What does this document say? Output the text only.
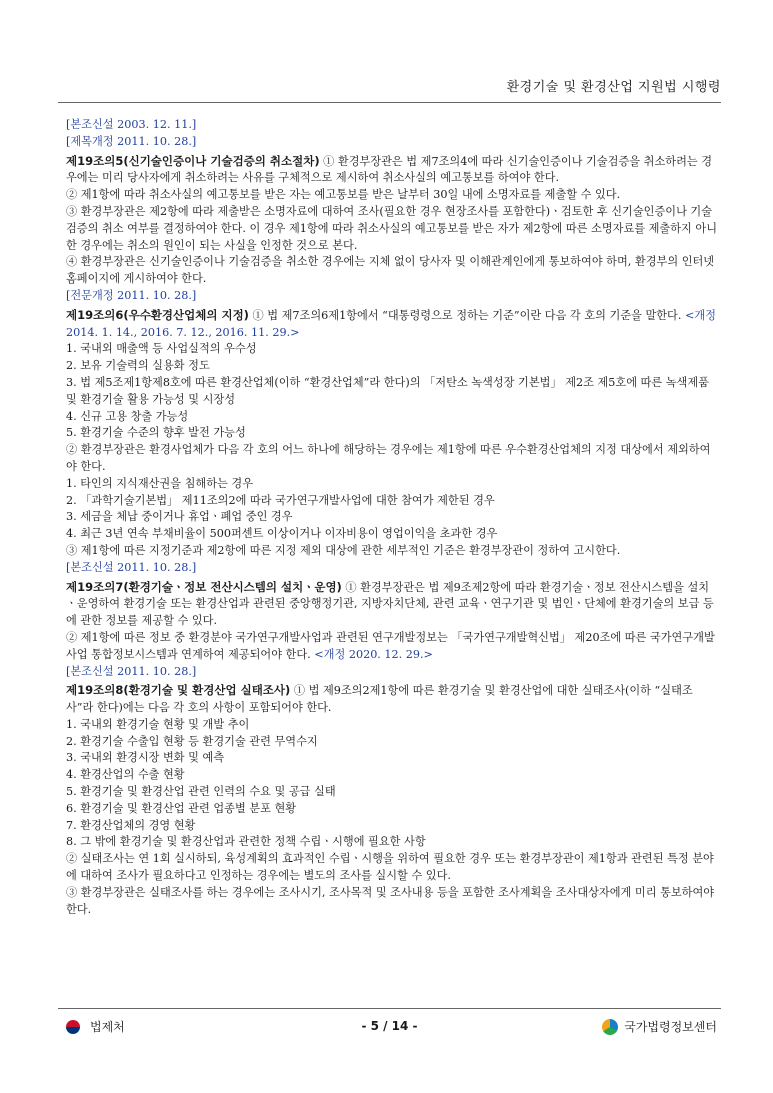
환경기술 및 환경산업 지원법 시행령

[본조신설 2003. 12. 11.]

[제목개정 2011. 10. 28.]

제19조의5(신기술인증이나 기술검증의 취소절차) ① 환경부장관은 법 제7조의4에 따라 신기술인증이나 기술검증을 취소하려는 경우에는 미리 당사자에게 취소하려는 사유를 구체적으로 제시하여 취소사실의 예고통보를 하여야 한다.

② 제1항에 따라 취소사실의 예고통보를 받은 자는 예고통보를 받은 날부터 30일 내에 소명자료를 제출할 수 있다.

③ 환경부장관은 제2항에 따라 제출받은 소명자료에 대하여 조사(필요한 경우 현장조사를 포함한다)ㆍ검토한 후 신기술인증이나 기술검증의 취소 여부를 결정하여야 한다. 이 경우 제1항에 따라 취소사실의 예고통보를 받은 자가 제2항에 따른 소명자료를 제출하지 아니한 경우에는 취소의 원인이 되는 사실을 인정한 것으로 본다.

④ 환경부장관은 신기술인증이나 기술검증을 취소한 경우에는 지체 없이 당사자 및 이해관계인에게 통보하여야 하며, 환경부의 인터넷 홈페이지에 게시하여야 한다.

[전문개정 2011. 10. 28.]

제19조의6(우수환경산업체의 지정) ① 법 제7조의6제1항에서 “대통령령으로 정하는 기준”이란 다음 각 호의 기준을 말한다. <개정 2014. 1. 14., 2016. 7. 12., 2016. 11. 29.>

1. 국내외 매출액 등 사업실적의 우수성

2. 보유 기술력의 실용화 정도

3. 법 제5조제1항제8호에 따른 환경산업체(이하 “환경산업체”라 한다)의 「저탄소 녹색성장 기본법」 제2조 제5호에 따른 녹색제품 및 환경기술 활용 가능성 및 시장성

4. 신규 고용 창출 가능성

5. 환경기술 수준의 향후 발전 가능성

② 환경부장관은 환경사업체가 다음 각 호의 어느 하나에 해당하는 경우에는 제1항에 따른 우수환경산업체의 지정 대상에서 제외하여야 한다.

1. 타인의 지식재산권을 침해하는 경우

2. 「과학기술기본법」 제11조의2에 따라 국가연구개발사업에 대한 참여가 제한된 경우

3. 세금을 체납 중이거나 휴업ㆍ폐업 중인 경우

4. 최근 3년 연속 부채비율이 500퍼센트 이상이거나 이자비용이 영업이익을 초과한 경우

③ 제1항에 따른 지정기준과 제2항에 따른 지정 제외 대상에 관한 세부적인 기준은 환경부장관이 정하여 고시한다.

[본조신설 2011. 10. 28.]

제19조의7(환경기술ㆍ정보 전산시스템의 설치ㆍ운영) ① 환경부장관은 법 제9조제2항에 따라 환경기술ㆍ정보 전산시스템을 설치ㆍ운영하여 환경기술 또는 환경산업과 관련된 중앙행정기관, 지방자치단체, 관련 교육ㆍ연구기관 및 법인ㆍ단체에 환경기술의 보급 등에 관한 정보를 제공할 수 있다.

② 제1항에 따른 정보 중 환경분야 국가연구개발사업과 관련된 연구개발정보는 「국가연구개발혁신법」 제20조에 따른 국가연구개발사업 통합정보시스템과 연계하여 제공되어야 한다. <개정 2020. 12. 29.>

[본조신설 2011. 10. 28.]

제19조의8(환경기술 및 환경산업 실태조사) ① 법 제9조의2제1항에 따른 환경기술 및 환경산업에 대한 실태조사(이하 “실태조사”라 한다)에는 다음 각 호의 사항이 포함되어야 한다.

1. 국내외 환경기술 현황 및 개발 추이

2. 환경기술 수출입 현황 등 환경기술 관련 무역수지

3. 국내외 환경시장 변화 및 예측

4. 환경산업의 수출 현황

5. 환경기술 및 환경산업 관련 인력의 수요 및 공급 실태

6. 환경기술 및 환경산업 관련 업종별 분포 현황

7. 환경산업체의 경영 현황

8. 그 밖에 환경기술 및 환경산업과 관련한 정책 수립ㆍ시행에 필요한 사항

② 실태조사는 연 1회 실시하되, 육성계획의 효과적인 수립ㆍ시행을 위하여 필요한 경우 또는 환경부장관이 제1항과 관련된 특정 분야에 대하여 조사가 필요하다고 인정하는 경우에는 별도의 조사를 실시할 수 있다.

③ 환경부장관은 실태조사를 하는 경우에는 조사시기, 조사목적 및 조사내용 등을 포함한 조사계획을 조사대상자에게 미리 통보하여야 한다.

법제처	- 5 / 14 -	국가법령정보센터
